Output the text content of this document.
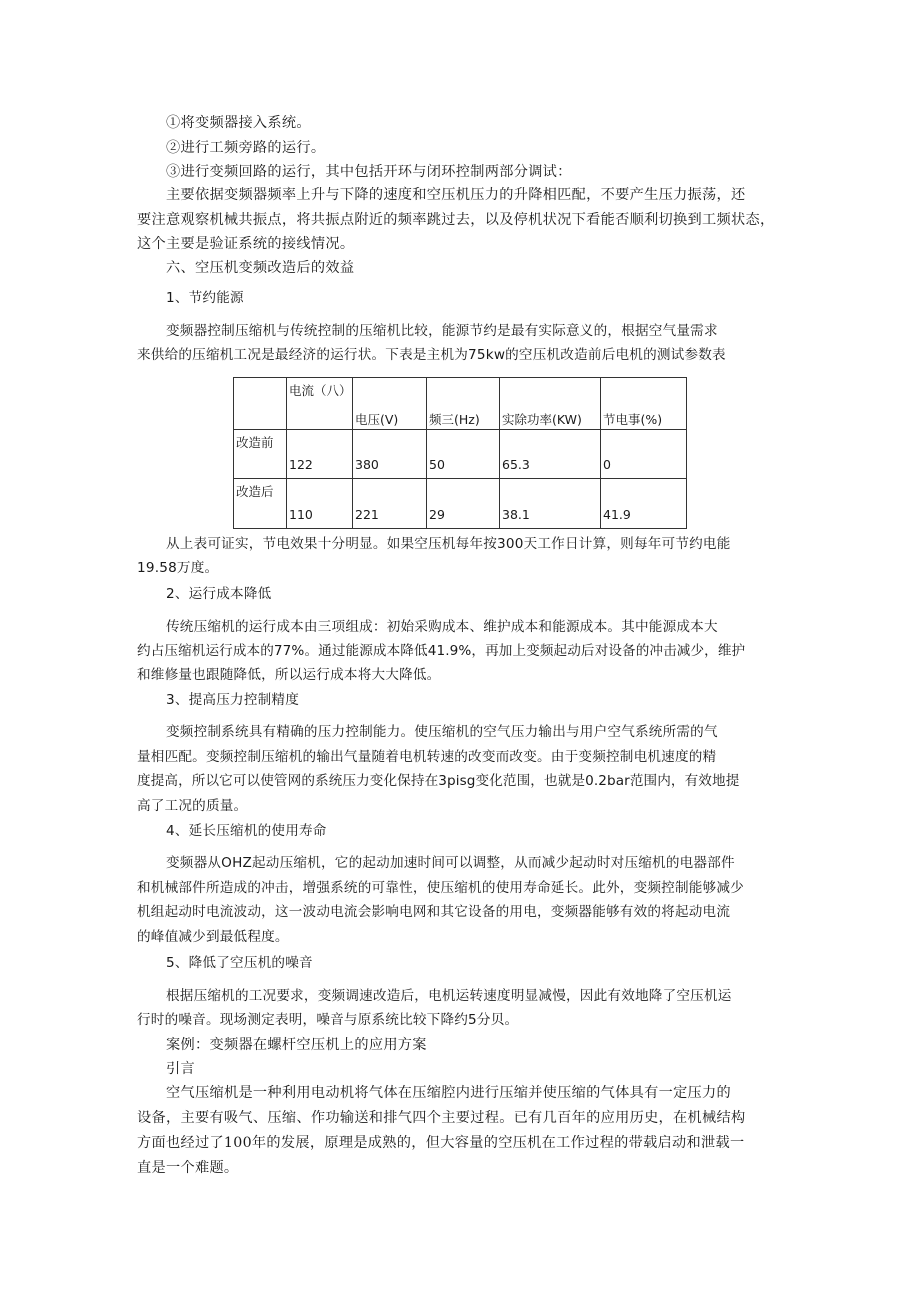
①将变频器接入系统。
②进行工频旁路的运行。
③进行变频回路的运行，其中包括开环与闭环控制两部分调试：
主要依据变频器频率上升与下降的速度和空压机压力的升降相匹配，不要产生压力振荡，还
要注意观察机械共振点，将共振点附近的频率跳过去，以及停机状况下看能否顺利切换到工频状态，
这个主要是验证系统的接线情况。
六、空压机变频改造后的效益
1、节约能源
变频器控制压缩机与传统控制的压缩机比较，能源节约是最有实际意义的，根据空气量需求
来供给的压缩机工况是最经济的运行状。下表是主机为75kw的空压机改造前后电机的测试参数表

	电流（八）	电压(V)	频三(Hz)	实除功率(KW)	节电事(%)

改造前	122	380	50	65.3	0

改造后	110	221	29	38.1	41.9
从上表可证实，节电效果十分明显。如果空压机每年按300天工作日计算，则每年可节约电能
19.58万度。
2、运行成本降低
传统压缩机的运行成本由三项组成：初始采购成本、维护成本和能源成本。其中能源成本大
约占压缩机运行成本的77%。通过能源成本降低41.9%，再加上变频起动后对设备的冲击减少，维护
和维修量也跟随降低，所以运行成本将大大降低。
3、提高压力控制精度
变频控制系统具有精确的压力控制能力。使压缩机的空气压力输出与用户空气系统所需的气
量相匹配。变频控制压缩机的输出气量随着电机转速的改变而改变。由于变频控制电机速度的精
度提高，所以它可以使管网的系统压力变化保持在3pisg变化范围，也就是0.2bar范围内，有效地提
高了工况的质量。
4、延长压缩机的使用寿命
变频器从OHZ起动压缩机，它的起动加速时间可以调整，从而减少起动时对压缩机的电器部件
和机械部件所造成的冲击，增强系统的可靠性，使压缩机的使用寿命延长。此外，变频控制能够减少
机组起动时电流波动，这一波动电流会影响电网和其它设备的用电，变频器能够有效的将起动电流
的峰值减少到最低程度。
5、降低了空压机的噪音
根据压缩机的工况要求，变频调速改造后，电机运转速度明显减慢，因此有效地降了空压机运
行时的噪音。现场测定表明，噪音与原系统比较下降约5分贝。
案例：变频器在螺杆空压机上的应用方案
引言
空气压缩机是一种利用电动机将气体在压缩腔内进行压缩并使压缩的气体具有一定压力的
设备，主要有吸气、压缩、作功输送和排气四个主要过程。已有几百年的应用历史，在机械结构
方面也经过了100年的发展，原理是成熟的，但大容量的空压机在工作过程的带载启动和泄载一
直是一个难题。
